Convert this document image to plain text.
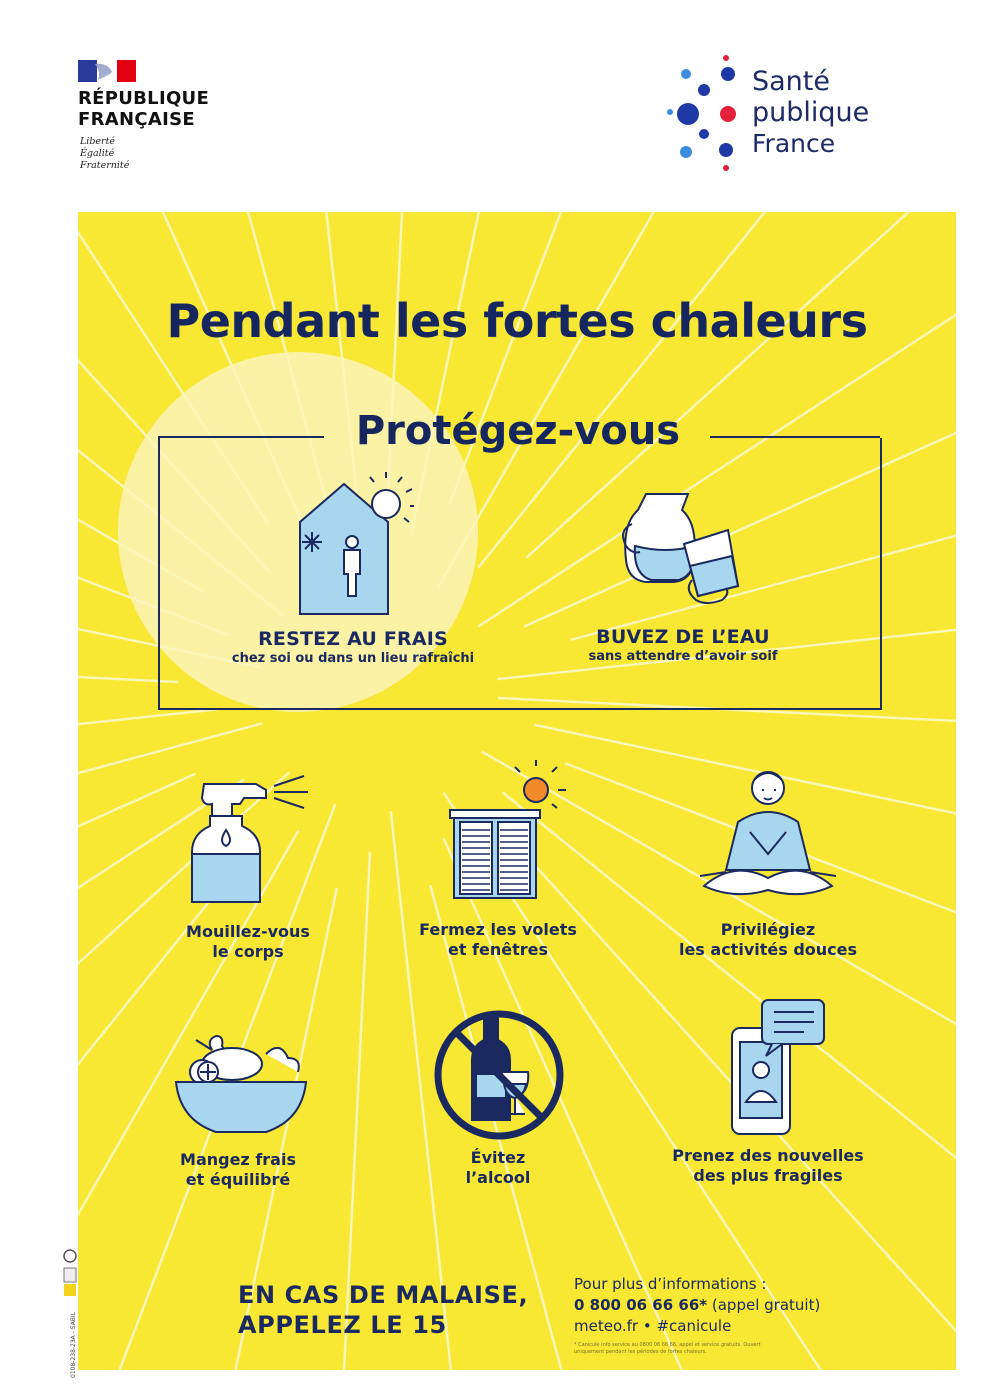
RÉPUBLIQUE
FRANÇAISE
Liberté
Égalité
Fraternité
Santé
publique
France
Pendant les fortes chaleurs
Protégez-vous
RESTEZ AU FRAIS
chez soi ou dans un lieu rafraîchi
BUVEZ DE L’EAU
sans attendre d’avoir soif
Mouillez-vous
le corps
Fermez les volets
et fenêtres
Privilégiez
les activités douces
Mangez frais
et équilibré
Évitez
l’alcool
Prenez des nouvelles
des plus fragiles
EN CAS DE MALAISE,
APPELEZ LE 15
Pour plus d’informations :
0 800 06 66 66* (appel gratuit)
meteo.fr • #canicule
* Canicule info service au 0800 06 66 66, appel et service gratuits. Ouvert uniquement pendant les périodes de fortes chaleurs.
0108-238-23A - SABIL
